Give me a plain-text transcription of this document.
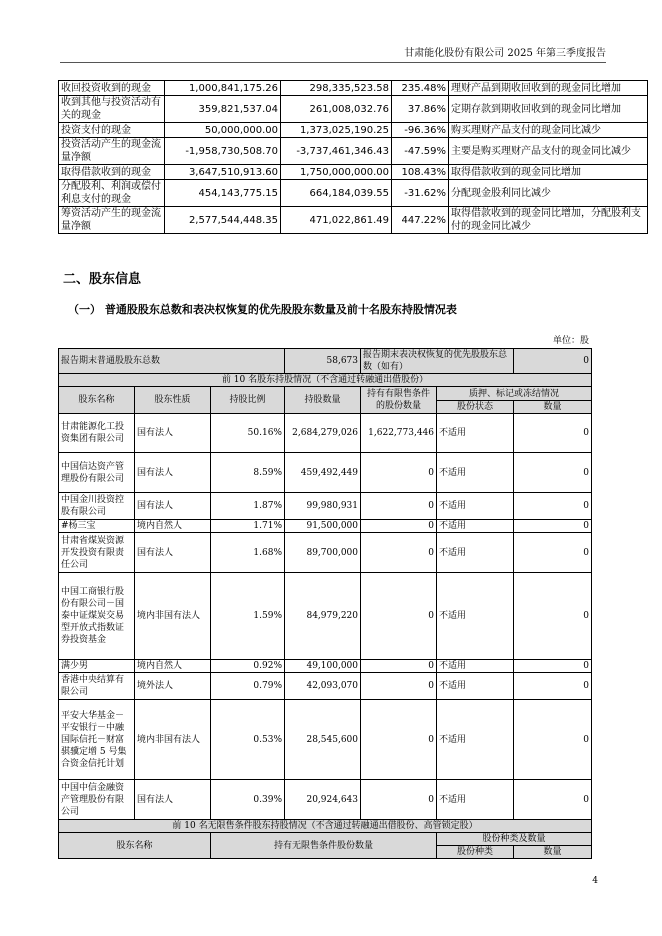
甘肃能化股份有限公司 2025 年第三季度报告
收回投资收到的现金	1,000,841,175.26	298,335,523.58	235.48%	理财产品到期收回收到的现金同比增加
收到其他与投资活动有关的现金	359,821,537.04	261,008,032.76	37.86%	定期存款到期收回收到的现金同比增加
投资支付的现金	50,000,000.00	1,373,025,190.25	-96.36%	购买理财产品支付的现金同比减少
投资活动产生的现金流量净额	-1,958,730,508.70	-3,737,461,346.43	-47.59%	主要是购买理财产品支付的现金同比减少
取得借款收到的现金	3,647,510,913.60	1,750,000,000.00	108.43%	取得借款收到的现金同比增加
分配股利、利润或偿付利息支付的现金	454,143,775.15	664,184,039.55	-31.62%	分配现金股利同比减少
筹资活动产生的现金流量净额	2,577,544,448.35	471,022,861.49	447.22%	取得借款收到的现金同比增加，分配股利支付的现金同比减少
二、股东信息
（一） 普通股股东总数和表决权恢复的优先股股东数量及前十名股东持股情况表
单位：股
报告期末普通股股东总数			58,673	报告期末表决权恢复的优先股股东总数（如有）		0
前 10 名股东持股情况（不含通过转融通出借股份）						
股东名称	股东性质	持股比例	持股数量	持有有限售条件的股份数量	质押、标记或冻结情况	
					股份状态	数量
甘肃能源化工投资集团有限公司	国有法人	50.16%	2,684,279,026	1,622,773,446	不适用	0
中国信达资产管理股份有限公司	国有法人	8.59%	459,492,449	0	不适用	0
中国金川投资控股有限公司	国有法人	1.87%	99,980,931	0	不适用	0
#杨三宝	境内自然人	1.71%	91,500,000	0	不适用	0
甘肃省煤炭资源开发投资有限责任公司	国有法人	1.68%	89,700,000	0	不适用	0
中国工商银行股份有限公司－国泰中证煤炭交易型开放式指数证券投资基金	境内非国有法人	1.59%	84,979,220	0	不适用	0
满少男	境内自然人	0.92%	49,100,000	0	不适用	0
香港中央结算有限公司	境外法人	0.79%	42,093,070	0	不适用	0
平安大华基金－平安银行－中融国际信托－财富骐骥定增 5 号集合资金信托计划	境内非国有法人	0.53%	28,545,600	0	不适用	0
中国中信金融资产管理股份有限公司	国有法人	0.39%	20,924,643	0	不适用	0
前 10 名无限售条件股东持股情况（不含通过转融通出借股份、高管锁定股）						
股东名称		持有无限售条件股份数量			股份种类及数量	
					股份种类	数量
4
